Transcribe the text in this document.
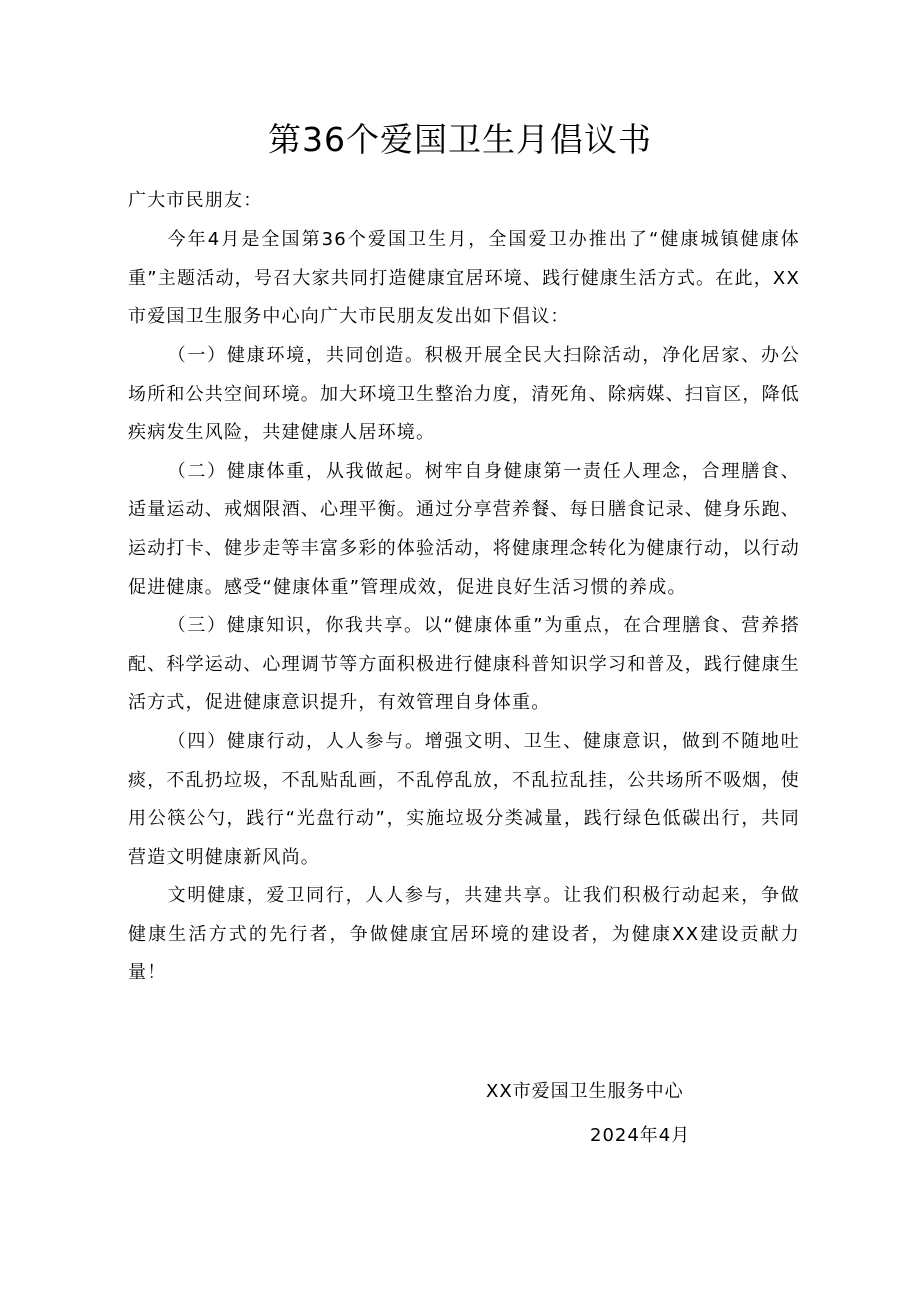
第36个爱国卫生月倡议书

广大市民朋友：

今年4月是全国第36个爱国卫生月，全国爱卫办推出了“健康城镇健康体重”主题活动，号召大家共同打造健康宜居环境、践行健康生活方式。在此，XX市爱国卫生服务中心向广大市民朋友发出如下倡议：

（一）健康环境，共同创造。积极开展全民大扫除活动，净化居家、办公场所和公共空间环境。加大环境卫生整治力度，清死角、除病媒、扫盲区，降低疾病发生风险，共建健康人居环境。

（二）健康体重，从我做起。树牢自身健康第一责任人理念，合理膳食、适量运动、戒烟限酒、心理平衡。通过分享营养餐、每日膳食记录、健身乐跑、运动打卡、健步走等丰富多彩的体验活动，将健康理念转化为健康行动，以行动促进健康。感受“健康体重”管理成效，促进良好生活习惯的养成。

（三）健康知识，你我共享。以“健康体重”为重点，在合理膳食、营养搭配、科学运动、心理调节等方面积极进行健康科普知识学习和普及，践行健康生活方式，促进健康意识提升，有效管理自身体重。

（四）健康行动，人人参与。增强文明、卫生、健康意识，做到不随地吐痰，不乱扔垃圾，不乱贴乱画，不乱停乱放，不乱拉乱挂，公共场所不吸烟，使用公筷公勺，践行“光盘行动”，实施垃圾分类减量，践行绿色低碳出行，共同营造文明健康新风尚。

文明健康，爱卫同行，人人参与，共建共享。让我们积极行动起来，争做健康生活方式的先行者，争做健康宜居环境的建设者，为健康XX建设贡献力量！

XX市爱国卫生服务中心
2024年4月
